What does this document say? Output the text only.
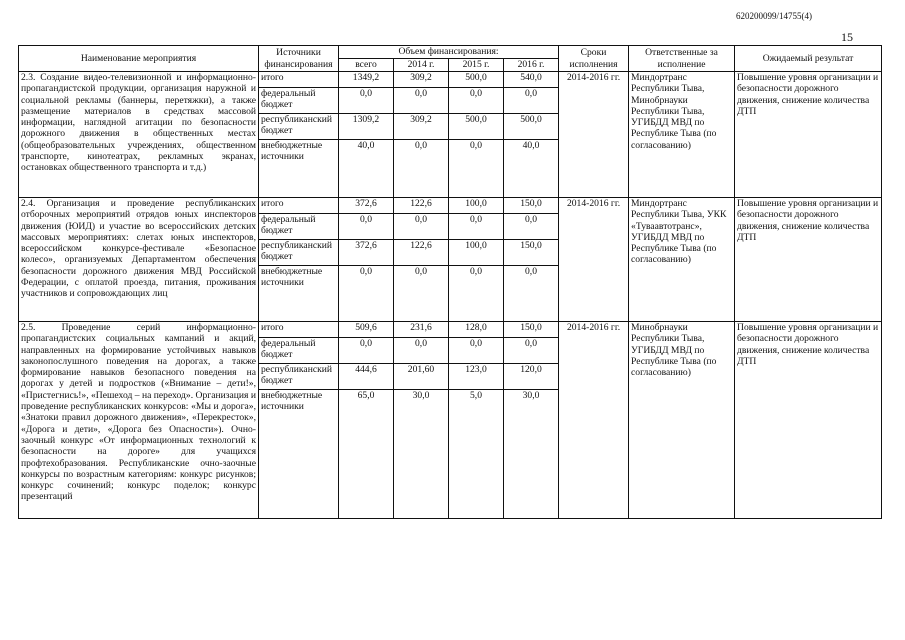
620200099/14755(4)
15
Наименование мероприятия	Источники финансирования	Объем финансирования:				Сроки исполнения	Ответственные за исполнение	Ожидаемый результат
		всего	2014 г.	2015 г.	2016 г.			
2.3. Создание видео-телевизионной и информационно-пропагандистской продукции, организация наружной и социальной рекламы (баннеры, перетяжки), а также размещение материалов в средствах массовой информации, наглядной агитации по безопасности дорожного движения в общественных местах (общеобразовательных учреждениях, общественном транспорте, кинотеатрах, рекламных экранах, остановках общественного транспорта и т.д.)	итого	1349,2	309,2	500,0	540,0	2014-2016 гг.	Миндортранс Республики Тыва, Минобрнауки Республики Тыва, УГИБДД МВД по Республике Тыва (по согласованию)	Повышение уровня организации и безопасности дорожного движения, снижение количества ДТП
	федеральный бюджет	0,0	0,0	0,0	0,0			
	республиканский бюджет	1309,2	309,2	500,0	500,0			
	внебюджетные источники	40,0	0,0	0,0	40,0			
2.4. Организация и проведение республиканских отборочных мероприятий отрядов юных инспекторов движения (ЮИД) и участие во всероссийских детских массовых мероприятиях: слетах юных инспекторов, всероссийском конкурсе-фестивале «Безопасное колесо», организуемых Департаментом обеспечения безопасности дорожного движения МВД Российской Федерации, с оплатой проезда, питания, проживания участников и сопровождающих лиц	итого	372,6	122,6	100,0	150,0	2014-2016 гг.	Миндортранс Республики Тыва, УКК «Туваавтотранс», УГИБДД МВД по Республике Тыва (по согласованию)	Повышение уровня организации и безопасности дорожного движения, снижение количества ДТП
	федеральный бюджет	0,0	0,0	0,0	0,0			
	республиканский бюджет	372,6	122,6	100,0	150,0			
	внебюджетные источники	0,0	0,0	0,0	0,0			
2.5. Проведение серий информационно-пропагандистских социальных кампаний и акций, направленных на формирование устойчивых навыков законопослушного поведения на дорогах, а также формирование навыков безопасного поведения на дорогах у детей и подростков («Внимание – дети!», «Пристегнись!», «Пешеход – на переход». Организация и проведение республиканских конкурсов: «Мы и дорога», «Знатоки правил дорожного движения», «Перекресток», «Дорога и дети», «Дорога без Опасности»). Очно-заочный конкурс «От информационных технологий к безопасности на дороге» для учащихся профтехобразования. Республиканские очно-заочные конкурсы по возрастным категориям: конкурс рисунков; конкурс сочинений; конкурс поделок; конкурс презентаций	итого	509,6	231,6	128,0	150,0	2014-2016 гг.	Минобрнауки Республики Тыва, УГИБДД МВД по Республике Тыва (по согласованию)	Повышение уровня организации и безопасности дорожного движения, снижение количества ДТП
	федеральный бюджет	0,0	0,0	0,0	0,0			
	республиканский бюджет	444,6	201,60	123,0	120,0			
	внебюджетные источники	65,0	30,0	5,0	30,0			
